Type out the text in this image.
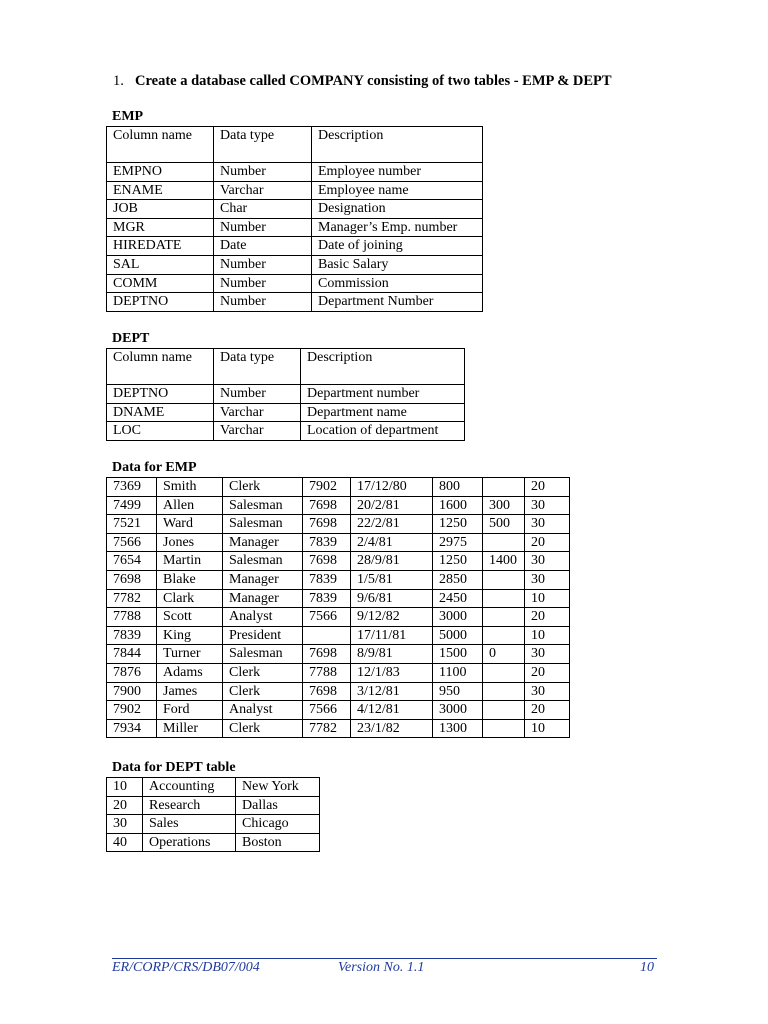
1. Create a database called COMPANY consisting of two tables - EMP & DEPT
EMP
Column name	Data type	Description
EMPNO	Number	Employee number
ENAME	Varchar	Employee name
JOB	Char	Designation
MGR	Number	Manager’s Emp. number
HIREDATE	Date	Date of joining
SAL	Number	Basic Salary
COMM	Number	Commission
DEPTNO	Number	Department Number
DEPT
Column name	Data type	Description
DEPTNO	Number	Department number
DNAME	Varchar	Department name
LOC	Varchar	Location of department
Data for EMP
7369	Smith	Clerk	7902	17/12/80	800		20
7499	Allen	Salesman	7698	20/2/81	1600	300	30
7521	Ward	Salesman	7698	22/2/81	1250	500	30
7566	Jones	Manager	7839	2/4/81	2975		20
7654	Martin	Salesman	7698	28/9/81	1250	1400	30
7698	Blake	Manager	7839	1/5/81	2850		30
7782	Clark	Manager	7839	9/6/81	2450		10
7788	Scott	Analyst	7566	9/12/82	3000		20
7839	King	President		17/11/81	5000		10
7844	Turner	Salesman	7698	8/9/81	1500	0	30
7876	Adams	Clerk	7788	12/1/83	1100		20
7900	James	Clerk	7698	3/12/81	950		30
7902	Ford	Analyst	7566	4/12/81	3000		20
7934	Miller	Clerk	7782	23/1/82	1300		10
Data for DEPT table
10	Accounting	New York
20	Research	Dallas
30	Sales	Chicago
40	Operations	Boston
ER/CORP/CRS/DB07/004	Version No. 1.1	10
